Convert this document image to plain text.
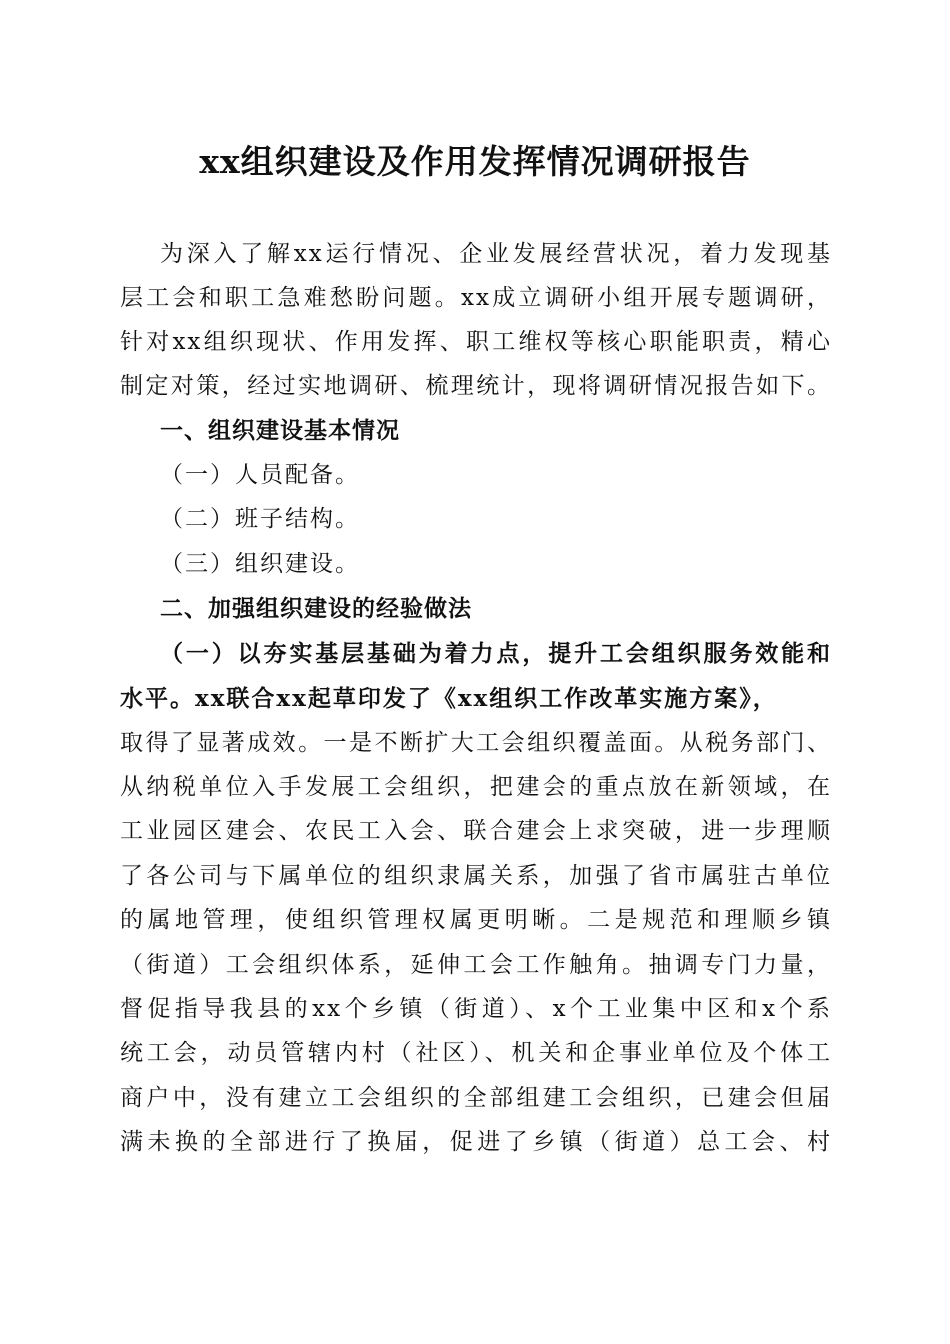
xx组织建设及作用发挥情况调研报告

为深入了解xx运行情况、企业发展经营状况，着力发现基

层工会和职工急难愁盼问题。xx成立调研小组开展专题调研，

针对xx组织现状、作用发挥、职工维权等核心职能职责，精心

制定对策，经过实地调研、梳理统计，现将调研情况报告如下。

一、组织建设基本情况

（一）人员配备。

（二）班子结构。

（三）组织建设。

二、加强组织建设的经验做法

（一）以夯实基层基础为着力点，提升工会组织服务效能和

水平。xx联合xx起草印发了《xx组织工作改革实施方案》，

取得了显著成效。一是不断扩大工会组织覆盖面。从税务部门、

从纳税单位入手发展工会组织，把建会的重点放在新领域，在

工业园区建会、农民工入会、联合建会上求突破，进一步理顺

了各公司与下属单位的组织隶属关系，加强了省市属驻古单位

的属地管理，使组织管理权属更明晰。二是规范和理顺乡镇

（街道）工会组织体系，延伸工会工作触角。抽调专门力量，

督促指导我县的xx个乡镇（街道）、x个工业集中区和x个系

统工会，动员管辖内村（社区）、机关和企事业单位及个体工

商户中，没有建立工会组织的全部组建工会组织，已建会但届

满未换的全部进行了换届，促进了乡镇（街道）总工会、村
